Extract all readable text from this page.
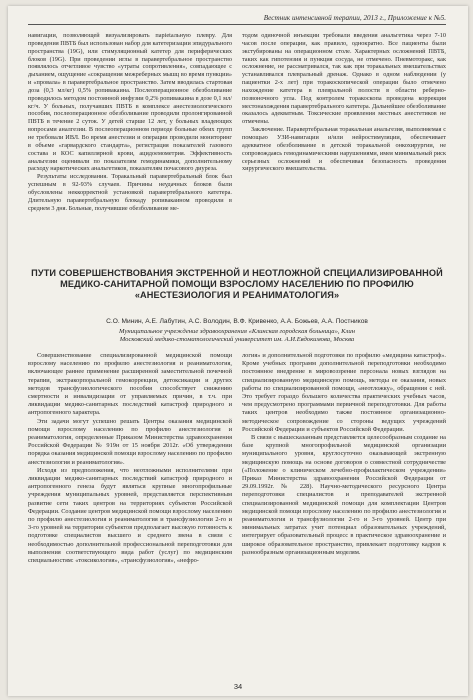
Вестник интенсивной терапии, 2013 г., Приложение к №5.

навигации, позволяющей визуализировать парietальную плевру. Для проведения ПВТБ был использован набор для катетеризации эпидурального пространства (19G), или стимуляционный катетер для периферических блоков (19G). При проведении иглы в паравертебральное пространство появлялось отчетливое чувство «утраты сопротивления», совпадающее с дыханием, ощущение «сокращения межреберных мышц во время пункции» и «провала» в паравертебральное пространство. Затем вводилась стартовая доза (0,3 мл/кг) 0,5% ропивакаина. Послеоперационное обезболивание проводилось методом постоянной инфузии 0,2% ропивакаина в дозе 0,1 мл/кг/ч. У больных, получавших ПВТБ в комплексе анестезиологического пособия, послеоперационное обезболивание проводили пролонгированной ПВТБ в течение 2 суток. У детей старше 12 лет, у больных владеющих вопросами аналгезии. В послеоперационном периоде больные обеих групп не требовали ИВЛ. Во время анестезии и операции проводили мониторинг в объеме «гарвардского стандарта», регистрация показателей газового состава и КОС капиллярной крови, ацидоемометрия. Эффективность анальгезии оценивали по показателям гемодинамики, дополнительному расходу наркотических анальгетиков, показателям почасового диуреза.

Результаты исследования. Торакальный паравертебральный блок был успешным в 92-93% случаев. Причины неудачных блоков были обусловлены неккорректной установкой паравертебрального катетера. Длительную паравертебральную блокаду ропивакаином проводили в среднем 3 дня. Больные, получившие обезболивание ме-

тодом одиночной инъекции требовали введения анальгетика через 7-10 часов после операции, как правило, однократно. Все пациенты были экстубированы на операционном столе. Характерных осложнений ПВТБ, таких как гипотензия и пункция сосуда, не отмечено. Пневмоторакс, как осложнение, не рассматривался, так как при торакальных вмешательствах устанавливался плевральный дренаж. Однако в одном наблюдении (у пациентки 2-х лет) при торакоскопической операции было отмечено нахождение катетера в плевральной полости в области реберно-позвоночного угла. Под контролем торакоскопа проведена коррекция местонахождения паравертебрального катетера. Дальнейшее обезболивание оказалось адекватным. Токсические проявления местных анестетиков не отмечены.

Заключение. Паравертебральная торакальная анальгезия, выполняемая с помощью УЗИ-навигации и/или нейростимуляции, обеспечивает адекватное обезболивание в детской торакальной онкохирургии, не сопровождаясь гемодинамическими нарушениями, имея минимальный риск серьезных осложнений и обеспечивая безопасность проведения хирургического вмешательства.

ПУТИ СОВЕРШЕНСТВОВАНИЯ ЭКСТРЕННОЙ И НЕОТЛОЖНОЙ СПЕЦИАЛИЗИРОВАННОЙ МЕДИКО-САНИТАРНОЙ ПОМОЩИ ВЗРОСЛОМУ НАСЕЛЕНИЮ ПО ПРОФИЛЮ «АНЕСТЕЗИОЛОГИЯ И РЕАНИМАТОЛОГИЯ»
С.О. Минин, А.Е. Лабутин, А.С. Володин, В.Ф. Кривенко, А.А. Божьев, А.А. Постников
Муниципальное учреждение здравоохранения «Клинская городская больница», Клин
Московский медико-стоматологический университет им. А.И.Евдокимова, Москва

Совершенствование специализированной медицинской помощи взрослому населению по профилю анестезиология и реаниматология, включающее раннее применение расширенной заместительной почечной терапии, экстракорпоральной гемокоррекции, детоксикации и других методов трансфузиологического пособия способствует снижению смертности и инвалидизации от управляемых причин, в т.ч. при ликвидации медико-санитарных последствий катастроф природного и антропогенного характера.

Эти задачи могут успешно решать Центры оказания медицинской помощи взрослому населению по профилю анестезиология и реаниматология, определенные Приказом Министерства здравоохранения Российской Федерации № 919н от 15 ноября 2012г. «Об утверждении порядка оказания медицинской помощи взрослому населению по профилю анестезиология и реаниматология».

Исходя из предположения, что неотложными исполнителями при ликвидации медико-санитарных последствий катастроф природного и антропогенного генеза будут являться крупные многопрофильные учреждения муниципальных уровней, представляется перспективным развитие сети таких центров на территориях субъектов Российской Федерации. Создание центров медицинской помощи взрослому населению по профилю анестезиология и реаниматология и трансфузиологии 2-го и 3-го уровней на территории субъектов предполагает высокую готовность к подготовке специалистов высшего и среднего звена в связи с необходимостью дополнительной профессиональной переподготовки для выполнения соответствующего вида работ (услуг) по медицинским специальностям: «токсикология», «трансфузиология», «нефро-

логия» и дополнительной подготовки по профилю «медицина катастроф». Кроме учебных программ дополнительной переподготовки необходимо постоянное внедрение в мировоззрение персонала новых взглядов на специализированную медицинскую помощь, методы ее оказания, новых работы по специализированной помощи, «неотложку», обращения с ней. Это требует гораздо большего количества практических учебных часов, чем предусмотрено программами первичной переподготовки. Для работы таких центров необходимо также постоянное организационно-методическое сопровождение со стороны ведущих учреждений Российской Федерации и субъектов Российской Федерации.

В связи с вышесказанным представляется целесообразным создание на базе крупной многопрофильной медицинской организации муниципального уровня, круглосуточно оказывающей экстренную медицинскую помощь на основе договоров о совместной сотрудничестве («Положение о клиническом лечебно-профилактическом учреждении» Приказ Министерства здравоохранения Российской Федерации от 29.09.1992г. № 228). Научно-методического ресурсного Центра переподготовки специалистов и преподавателей экстренной специализированной медицинской помощи для комплектации Центров медицинской помощи взрослому населению по профилю анестезиология и реаниматология и трансфузиологии 2-го и 3-го уровней. Центр при минимальных затратах учит потенциал образовательных учреждений, интегрирует образовательный процесс в практическое здравоохранение и широкое образовательное пространство, привлекает подготовку кадров к разнообразным организационным моделям.

34
